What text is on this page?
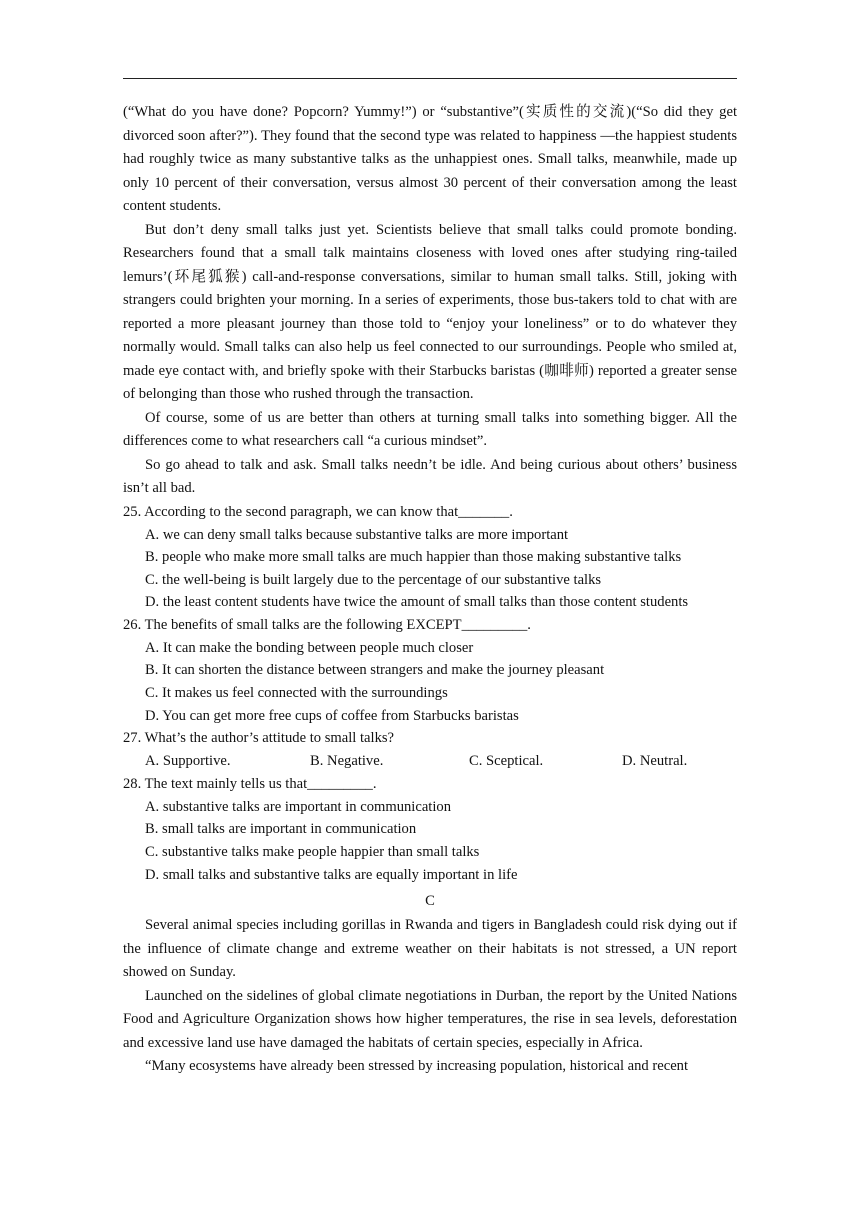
(“What do you have done? Popcorn? Yummy!”) or “substantive”(实质性的交流)(“So did they get divorced soon after?”). They found that the second type was related to happiness —the happiest students had roughly twice as many substantive talks as the unhappiest ones. Small talks, meanwhile, made up only 10 percent of their conversation, versus almost 30 percent of their conversation among the least content students.

But don’t deny small talks just yet. Scientists believe that small talks could promote bonding. Researchers found that a small talk maintains closeness with loved ones after studying ring-tailed lemurs’(环尾狐猴) call-and-response conversations, similar to human small talks. Still, joking with strangers could brighten your morning. In a series of experiments, those bus-takers told to chat with are reported a more pleasant journey than those told to “enjoy your loneliness” or to do whatever they normally would. Small talks can also help us feel connected to our surroundings. People who smiled at, made eye contact with, and briefly spoke with their Starbucks baristas (咖啡师) reported a greater sense of belonging than those who rushed through the transaction.

Of course, some of us are better than others at turning small talks into something bigger. All the differences come to what researchers call “a curious mindset”.

So go ahead to talk and ask. Small talks needn’t be idle. And being curious about others’ business isn’t all bad.

25. According to the second paragraph, we can know that_______.

A. we can deny small talks because substantive talks are more important

B. people who make more small talks are much happier than those making substantive talks

C. the well-being is built largely due to the percentage of our substantive talks

D. the least content students have twice the amount of small talks than those content students

26. The benefits of small talks are the following EXCEPT_________.

A. It can make the bonding between people much closer

B. It can shorten the distance between strangers and make the journey pleasant

C. It makes us feel connected with the surroundings

D. You can get more free cups of coffee from Starbucks baristas

27. What’s the author’s attitude to small talks?

A. Supportive.	B. Negative.	C. Sceptical.	D. Neutral.

28. The text mainly tells us that_________.

A. substantive talks are important in communication

B. small talks are important in communication

C. substantive talks make people happier than small talks

D. small talks and substantive talks are equally important in life

C

Several animal species including gorillas in Rwanda and tigers in Bangladesh could risk dying out if the influence of climate change and extreme weather on their habitats is not stressed, a UN report showed on Sunday.

Launched on the sidelines of global climate negotiations in Durban, the report by the United Nations Food and Agriculture Organization shows how higher temperatures, the rise in sea levels, deforestation and excessive land use have damaged the habitats of certain species, especially in Africa.

“Many ecosystems have already been stressed by increasing population, historical and recent
